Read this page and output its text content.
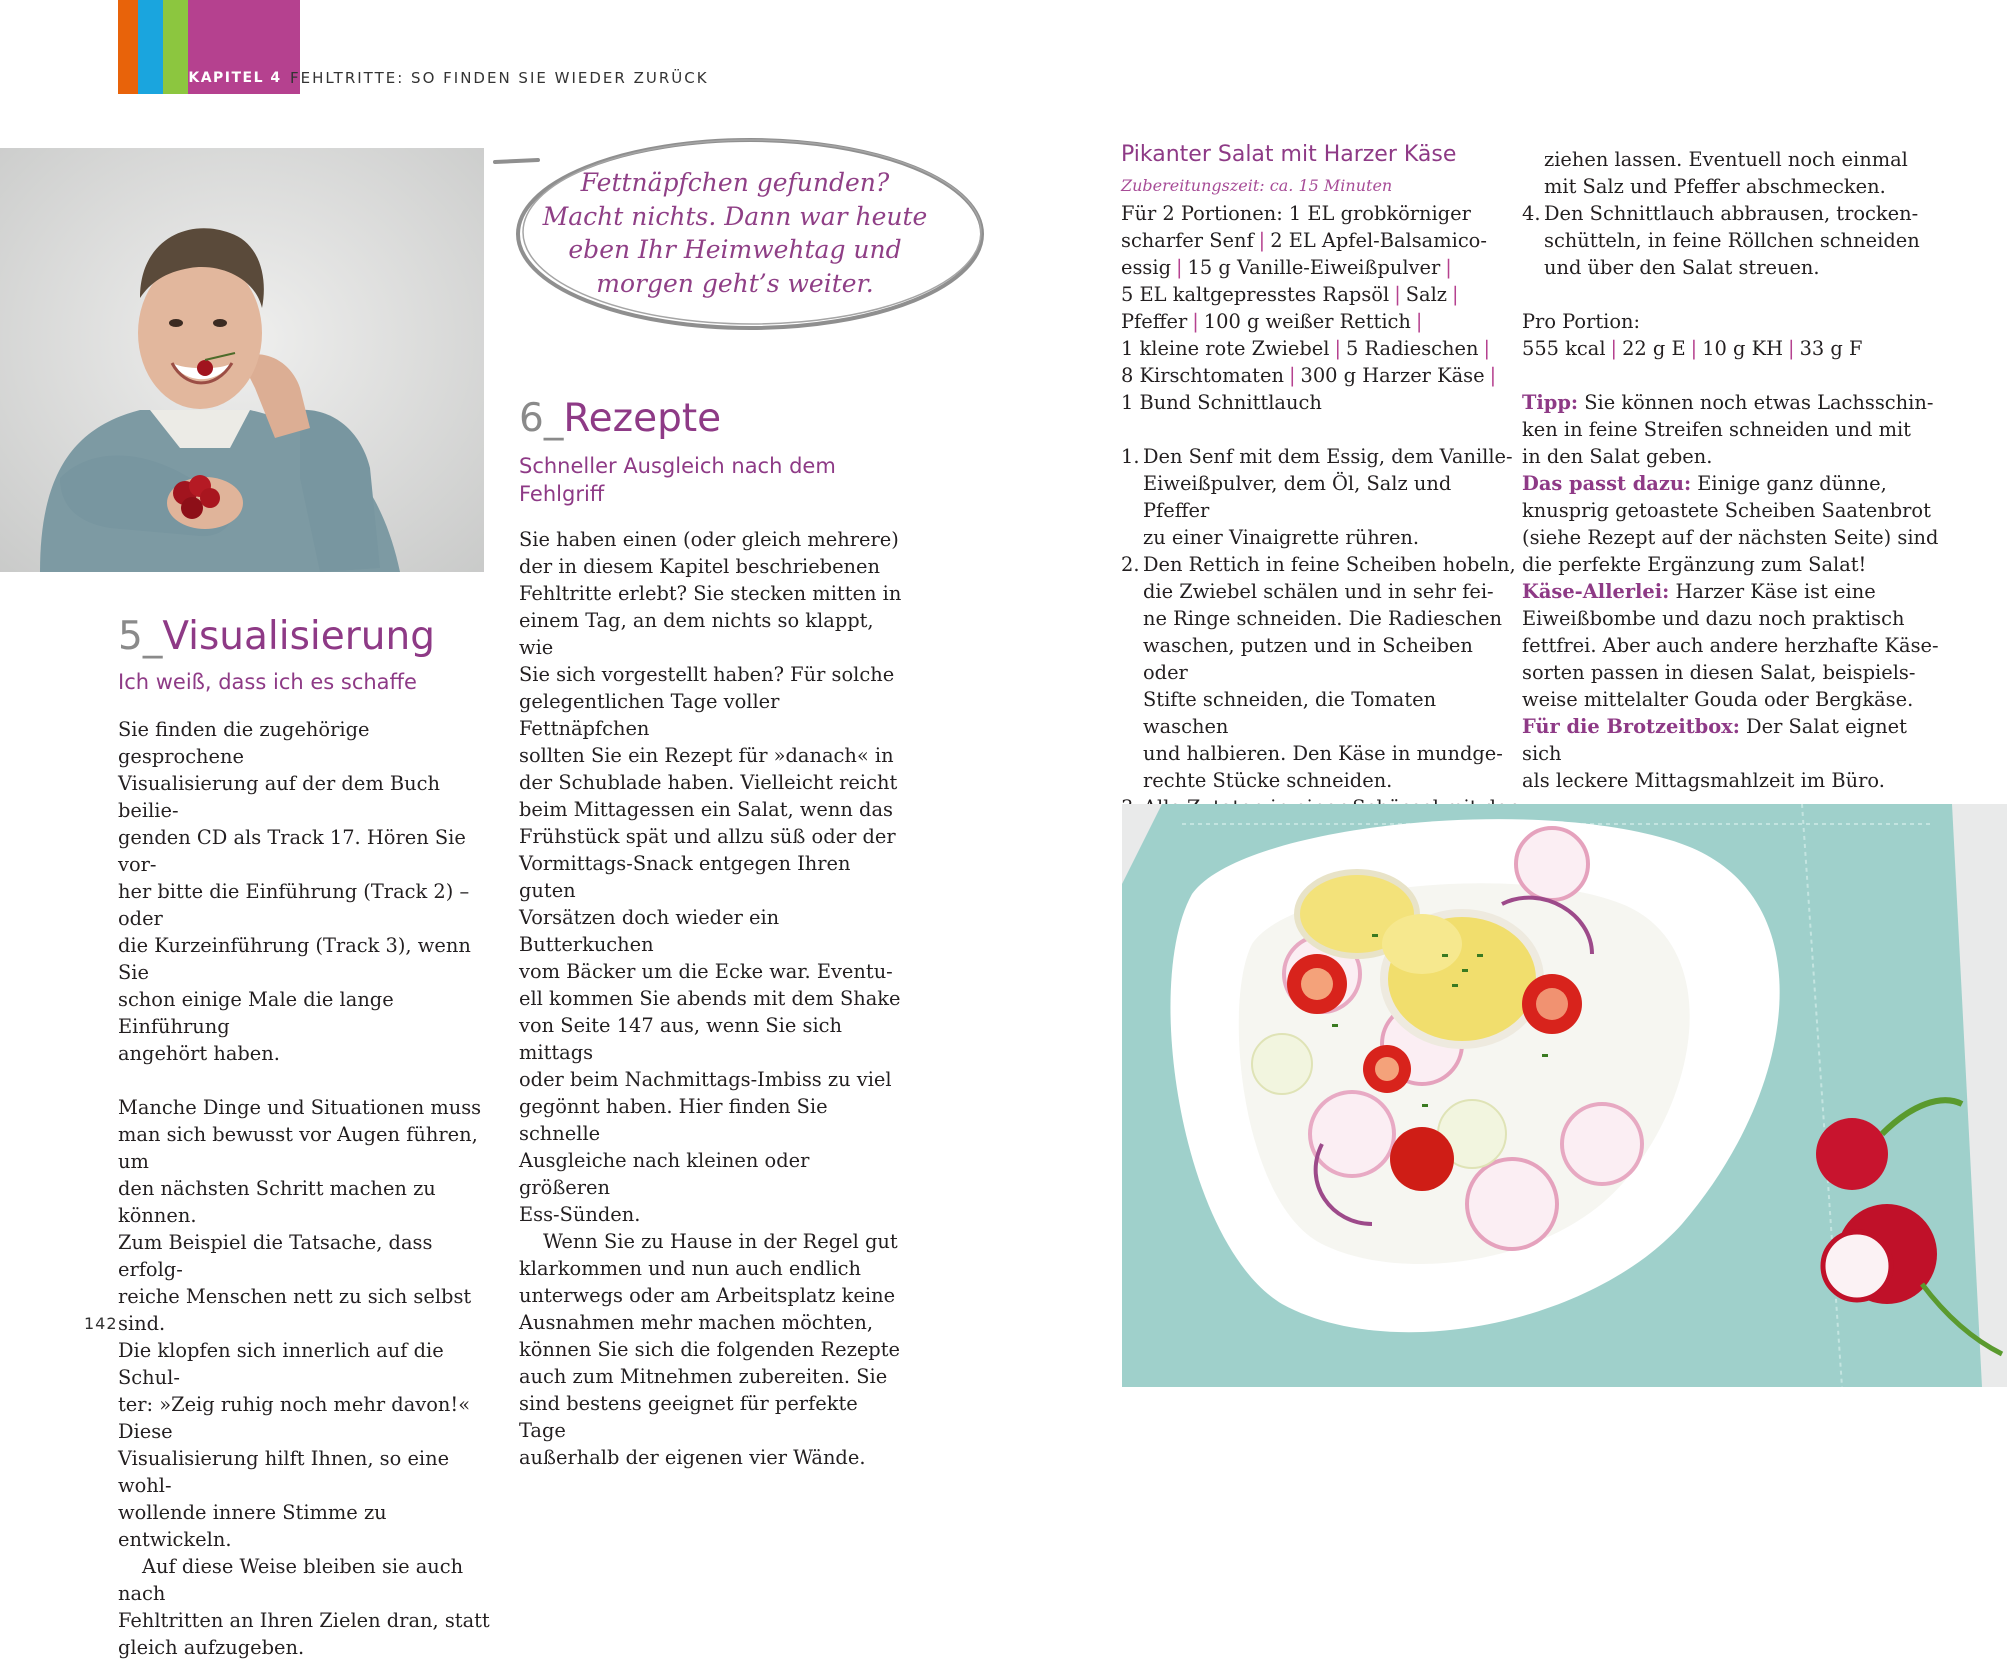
KAPITEL 4 FEHLTRITTE: SO FINDEN SIE WIEDER ZURÜCK
Fettnäpfchen gefunden?
Macht nichts. Dann war heute
eben Ihr Heimwehtag und
morgen geht’s weiter.
5_Visualisierung
Ich weiß, dass ich es schaffe

Sie finden die zugehörige gesprochene
Visualisierung auf der dem Buch beilie-
genden CD als Track 17. Hören Sie vor-
her bitte die Einführung (Track 2) – oder
die Kurzeinführung (Track 3), wenn Sie
schon einige Male die lange Einführung
angehört haben.

Manche Dinge und Situationen muss
man sich bewusst vor Augen führen, um
den nächsten Schritt machen zu können.
Zum Beispiel die Tatsache, dass erfolg-
reiche Menschen nett zu sich selbst sind.
Die klopfen sich innerlich auf die Schul-
ter: »Zeig ruhig noch mehr davon!« Diese
Visualisierung hilft Ihnen, so eine wohl-
wollende innere Stimme zu entwickeln.

Auf diese Weise bleiben sie auch nach
Fehltritten an Ihren Zielen dran, statt
gleich aufzugeben.

6_Rezepte
Schneller Ausgleich nach dem
Fehlgriff

Sie haben einen (oder gleich mehrere)
der in diesem Kapitel beschriebenen
Fehltritte erlebt? Sie stecken mitten in
einem Tag, an dem nichts so klappt, wie
Sie sich vorgestellt haben? Für solche
gelegentlichen Tage voller Fettnäpfchen
sollten Sie ein Rezept für »danach« in
der Schublade haben. Vielleicht reicht
beim Mittagessen ein Salat, wenn das
Frühstück spät und allzu süß oder der
Vormittags-Snack entgegen Ihren guten
Vorsätzen doch wieder ein Butterkuchen
vom Bäcker um die Ecke war. Eventu-
ell kommen Sie abends mit dem Shake
von Seite 147 aus, wenn Sie sich mittags
oder beim Nachmittags-Imbiss zu viel
gegönnt haben. Hier finden Sie schnelle
Ausgleiche nach kleinen oder größeren
Ess-Sünden.

Wenn Sie zu Hause in der Regel gut
klarkommen und nun auch endlich
unterwegs oder am Arbeitsplatz keine
Ausnahmen mehr machen möchten,
können Sie sich die folgenden Rezepte
auch zum Mitnehmen zubereiten. Sie
sind bestens geeignet für perfekte Tage
außerhalb der eigenen vier Wände.

Pikanter Salat mit Harzer Käse
Zubereitungszeit: ca. 15 Minuten
Für 2 Portionen: 1 EL grobkörniger
scharfer Senf | 2 EL Apfel-Balsamico-
essig | 15 g Vanille-Eiweißpulver |
5 EL kaltgepresstes Rapsöl | Salz |
Pfeffer | 100 g weißer Rettich |
1 kleine rote Zwiebel | 5 Radieschen |
8 Kirschtomaten | 300 g Harzer Käse |
1 Bund Schnittlauch
1. Den Senf mit dem Essig, dem Vanille-
Eiweißpulver, dem Öl, Salz und Pfeffer
zu einer Vinaigrette rühren.
2. Den Rettich in feine Scheiben hobeln,
die Zwiebel schälen und in sehr fei-
ne Ringe schneiden. Die Radieschen
waschen, putzen und in Scheiben oder
Stifte schneiden, die Tomaten waschen
und halbieren. Den Käse in mundge-
rechte Stücke schneiden.

ziehen lassen. Eventuell noch einmal
mit Salz und Pfeffer abschmecken.
4. Den Schnittlauch abbrausen, trocken-
schütteln, in feine Röllchen schneiden
und über den Salat streuen.
Pro Portion:
555 kcal | 22 g E | 10 g KH | 33 g F
Tipp: Sie können noch etwas Lachsschin-
ken in feine Streifen schneiden und mit
in den Salat geben.
Das passt dazu: Einige ganz dünne,
knusprig getoastete Scheiben Saatenbrot
(siehe Rezept auf der nächsten Seite) sind
die perfekte Ergänzung zum Salat!
Käse-Allerlei: Harzer Käse ist eine
Eiweißbombe und dazu noch praktisch
fettfrei. Aber auch andere herzhafte Käse-
sorten passen in diesen Salat, beispiels-
weise mittelalter Gouda oder Bergkäse.
Für die Brotzeitbox: Der Salat eignet sich
als leckere Mittagsmahlzeit im Büro.
142
